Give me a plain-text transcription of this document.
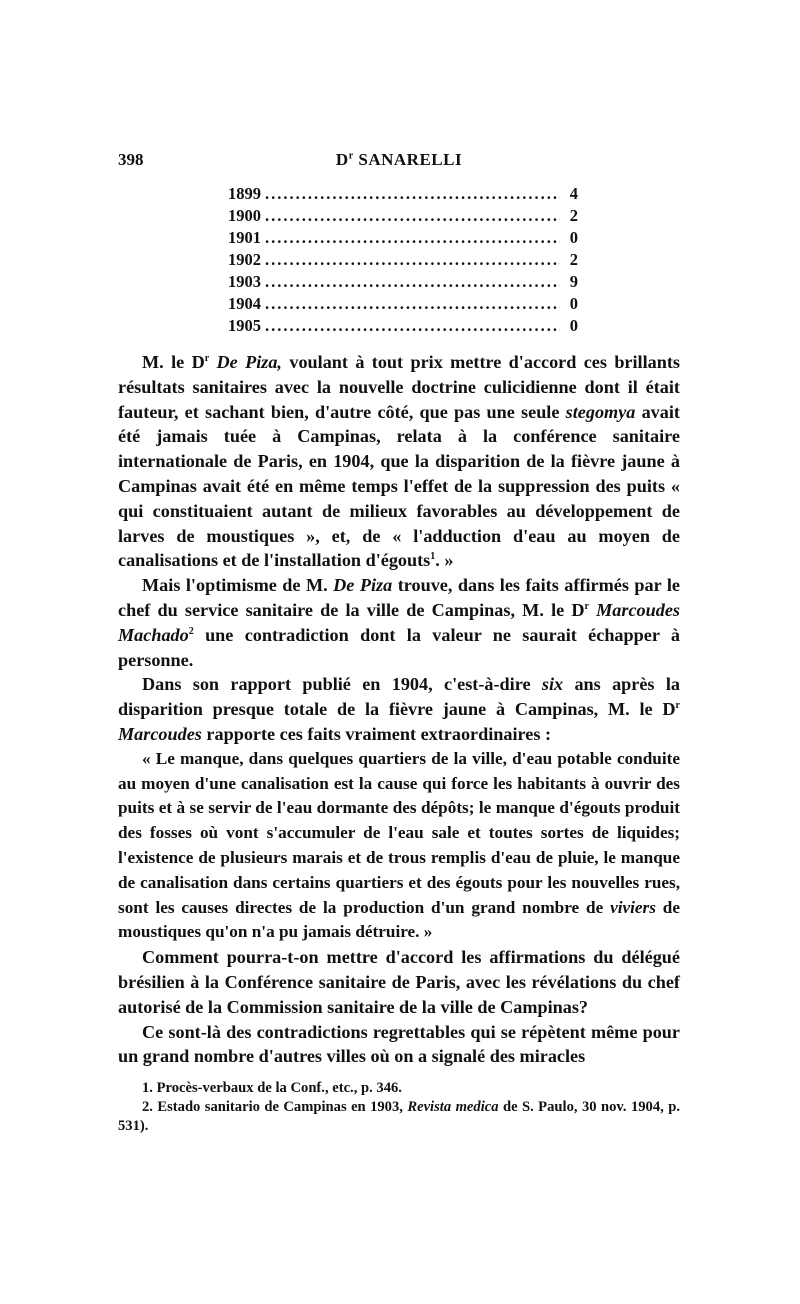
398	$D^r$ SANARELLI
1899 .....	4
1900 .....	2
1901 .....	0
1902 .....	2
1903 .....	9
1904 .....	0
1905 .....	0

M. le $D^r$ De Piza, voulant à tout prix mettre d'accord ces brillants résultats sanitaires avec la nouvelle doctrine culicidienne dont il était fauteur, et sachant bien, d'autre côté, que pas une seule stegomya avait été jamais tuée à Campinas, relata à la conférence sanitaire internationale de Paris, en 1904, que la disparition de la fièvre jaune à Campinas avait été en même temps l'effet de la suppression des puits « qui constituaient autant de milieux favorables au développement de larves de moustiques », et, de « l'adduction d'eau au moyen de canalisations et de l'installation d'égouts$^1$. »

Mais l'optimisme de M. De Piza trouve, dans les faits affirmés par le chef du service sanitaire de la ville de Campinas, M. le $D^r$ Marcoudes Machado$^2$ une contradiction dont la valeur ne saurait échapper à personne.

Dans son rapport publié en 1904, c'est-à-dire six ans après la disparition presque totale de la fièvre jaune à Campinas, M. le $D^r$ Marcoudes rapporte ces faits vraiment extraordinaires :

« Le manque, dans quelques quartiers de la ville, d'eau potable conduite au moyen d'une canalisation est la cause qui force les habitants à ouvrir des puits et à se servir de l'eau dormante des dépôts; le manque d'égouts produit des fosses où vont s'accumuler de l'eau sale et toutes sortes de liquides; l'existence de plusieurs marais et de trous remplis d'eau de pluie, le manque de canalisation dans certains quartiers et des égouts pour les nouvelles rues, sont les causes directes de la production d'un grand nombre de viviers de moustiques qu'on n'a pu jamais détruire. »

Comment pourra-t-on mettre d'accord les affirmations du délégué brésilien à la Conférence sanitaire de Paris, avec les révélations du chef autorisé de la Commission sanitaire de la ville de Campinas?

Ce sont-là des contradictions regrettables qui se répètent même pour un grand nombre d'autres villes où on a signalé des miracles

1. Procès-verbaux de la Conf., etc., p. 346.

2. Estado sanitario de Campinas en 1903, Revista medica de S. Paulo, 30 nov. 1904, p. 531).
